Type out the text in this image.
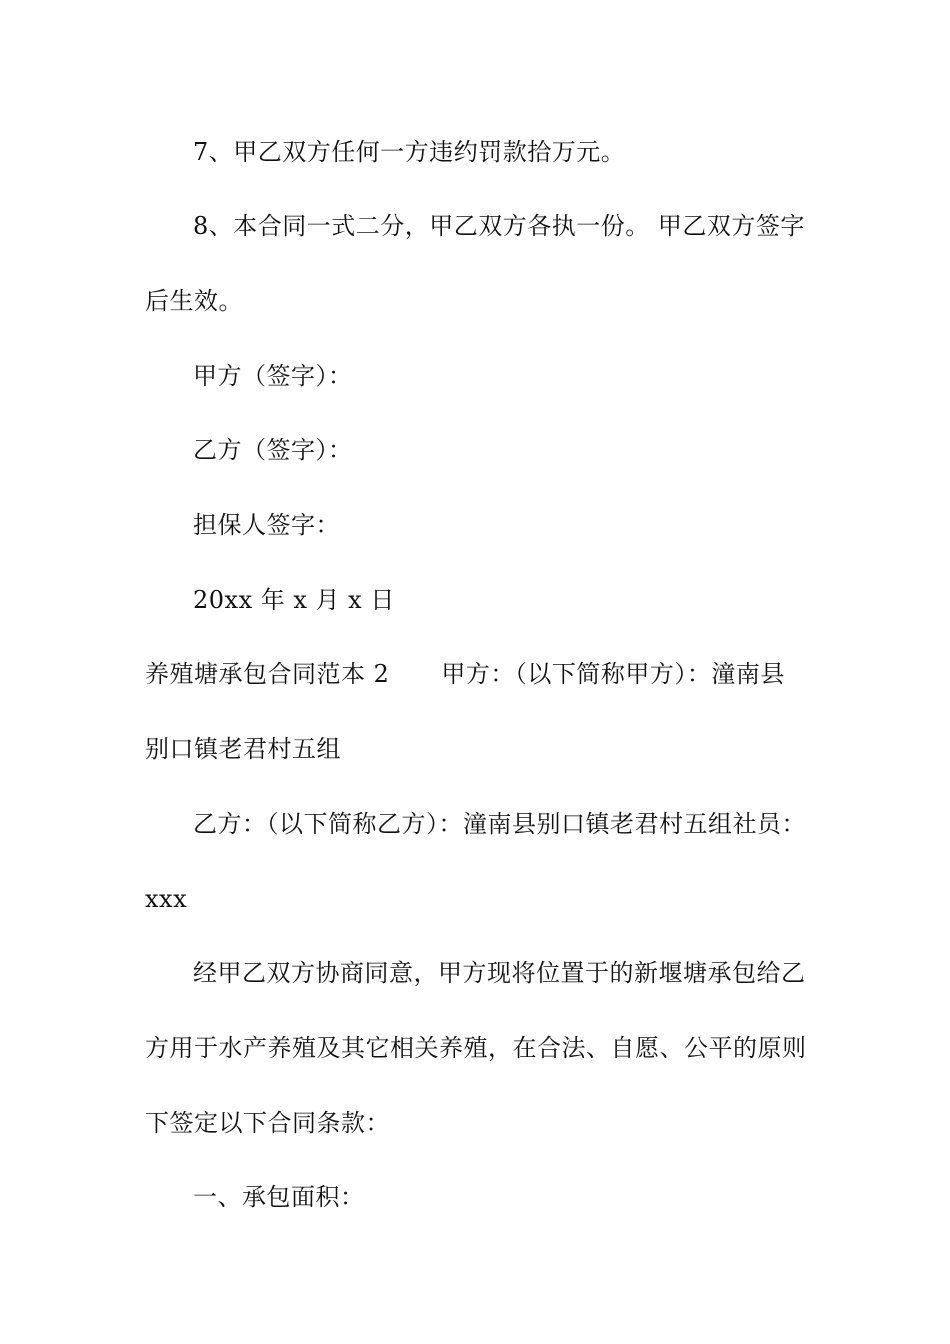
7、甲乙双方任何一方违约罚款拾万元。
8、本合同一式二分，甲乙双方各执一份。 甲乙双方签字
后生效。
甲方（签字）：
乙方（签字）：
担保人签字：
20xx 年 x 月 x 日
养殖塘承包合同范本 2 甲方：（以下简称甲方）：潼南县
别口镇老君村五组
乙方：（以下简称乙方）：潼南县别口镇老君村五组社员：
xxx
经甲乙双方协商同意，甲方现将位置于的新堰塘承包给乙
方用于水产养殖及其它相关养殖，在合法、自愿、公平的原则
下签定以下合同条款：
一、承包面积：
